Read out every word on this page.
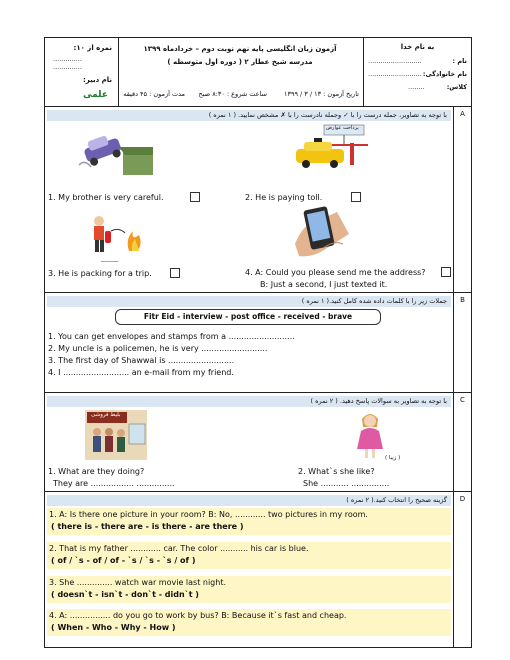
نمره از ۱۰:
..............
..............
نام دبیر:
علمی
آزمون زبان انگلیسی پایه نهم نوبت دوم – خردادماه ۱۳۹۹
مدرسه شیخ عطار ۲ ( دوره اول متوسطه )
تاریخ آزمون : ۱۳ / ۳ / ۱۳۹۹
ساعت شروع : ۸:۳۰ صبح
مدت آزمون : ۴۵ دقیقه
به نام خدا
نام :
..........................
نام خانوادگی:
..........................
کلاس:
........
A
با توجه به تصاویر، جمله درست را با ✓ وجمله نادرست را با ✗ مشخص نمایید. ( ۱ نمره )
1. My brother is very careful.
پرداخت عوارض
2. He is paying toll.
_______
3. He is packing for a trip.	4. A: Could you please send me the address?
B: Just a second, I just texted it.
B
جملات زیر را با کلمات داده شده کامل کنید.( ۱ نمره )
Fitr Eid - interview - post office - received - brave
1. You can get envelopes and stamps from a ..........................
2. My uncle is a policemen, he is very ..........................
3. The first day of Shawwal is ..........................
4. I .......................... an e-mail from my friend.
C
با توجه به تصاویر به سوالات پاسخ دهید. ( ۲ نمره )
بلیط فروشی
( زیبا )
1. What are they doing?
They are ................. ...............
2. What`s she like?
She ........... ...............
D
گزینه صحیح را انتخاب کنید.( ۲ نمره )
1. A: Is there one picture in your room? B: No, ............ two pictures in my room.
( there is - there are - is there - are there )
2. That is my father ............ car. The color ........... his car is blue.
( of / `s - of / of - `s / `s - `s / of )
3. She .............. watch war movie last night.
( doesn`t - isn`t - don`t - didn`t )
4. A: ................ do you go to work by bus? B: Because it`s fast and cheap.
( When - Who - Why - How )
